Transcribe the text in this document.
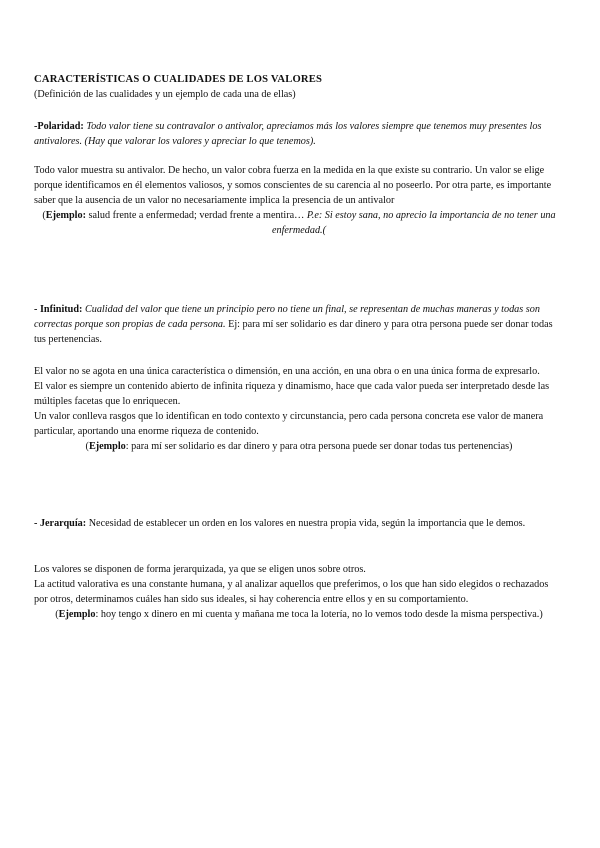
CARACTERÍSTICAS O CUALIDADES DE LOS VALORES

(Definición de las cualidades y un ejemplo de cada una de ellas)

-Polaridad: Todo valor tiene su contravalor o antivalor, apreciamos más los valores siempre que tenemos muy presentes los antivalores. (Hay que valorar los valores y apreciar lo que tenemos).

Todo valor muestra su antivalor. De hecho, un valor cobra fuerza en la medida en la que existe su contrario. Un valor se elige porque identificamos en él elementos valiosos, y somos conscientes de su carencia al no poseerlo. Por otra parte, es importante saber que la ausencia de un valor no necesariamente implica la presencia de un antivalor

(Ejemplo: salud frente a enfermedad; verdad frente a mentira… P.e: Si estoy sana, no aprecio la importancia de no tener una enfermedad.(

- Infinitud: Cualidad del valor que tiene un principio pero no tiene un final, se representan de muchas maneras y todas son correctas porque son propias de cada persona. Ej: para mí ser solidario es dar dinero y para otra persona puede ser donar todas tus pertenencias.

El valor no se agota en una única característica o dimensión, en una acción, en una obra o en una única forma de expresarlo.

El valor es siempre un contenido abierto de infinita riqueza y dinamismo, hace que cada valor pueda ser interpretado desde las múltiples facetas que lo enriquecen.

Un valor conlleva rasgos que lo identifican en todo contexto y circunstancia, pero cada persona concreta ese valor de manera particular, aportando una enorme riqueza de contenido.

(Ejemplo: para mí ser solidario es dar dinero y para otra persona puede ser donar todas tus pertenencias)

- Jerarquía: Necesidad de establecer un orden en los valores en nuestra propia vida, según la importancia que le demos.

Los valores se disponen de forma jerarquizada, ya que se eligen unos sobre otros.

La actitud valorativa es una constante humana, y al analizar aquellos que preferimos, o los que han sido elegidos o rechazados por otros, determinamos cuáles han sido sus ideales, si hay coherencia entre ellos y en su comportamiento.

(Ejemplo: hoy tengo x dinero en mi cuenta y mañana me toca la lotería, no lo vemos todo desde la misma perspectiva.)
